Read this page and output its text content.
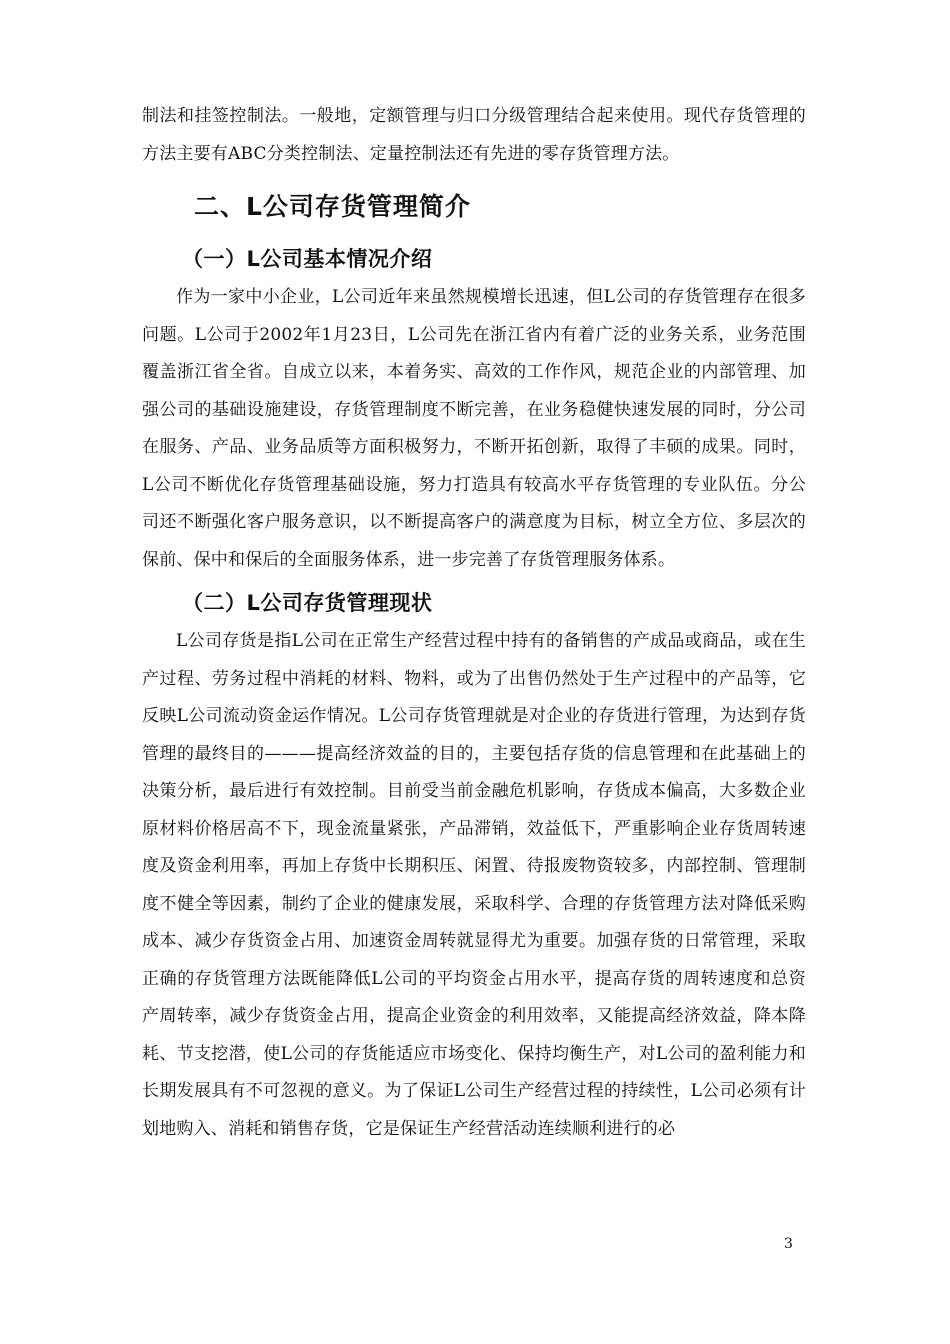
制法和挂签控制法。一般地，定额管理与归口分级管理结合起来使用。现代存货管理的方法主要有ABC分类控制法、定量控制法还有先进的零存货管理方法。

二、L公司存货管理简介
（一）L公司基本情况介绍

作为一家中小企业，L公司近年来虽然规模增长迅速，但L公司的存货管理存在很多问题。L公司于2002年1月23日，L公司先在浙江省内有着广泛的业务关系，业务范围覆盖浙江省全省。自成立以来，本着务实、高效的工作作风，规范企业的内部管理、加强公司的基础设施建设，存货管理制度不断完善，在业务稳健快速发展的同时，分公司在服务、产品、业务品质等方面积极努力，不断开拓创新，取得了丰硕的成果。同时，L公司不断优化存货管理基础设施，努力打造具有较高水平存货管理的专业队伍。分公司还不断强化客户服务意识，以不断提高客户的满意度为目标，树立全方位、多层次的保前、保中和保后的全面服务体系，进一步完善了存货管理服务体系。

（二）L公司存货管理现状

L公司存货是指L公司在正常生产经营过程中持有的备销售的产成品或商品，或在生产过程、劳务过程中消耗的材料、物料，或为了出售仍然处于生产过程中的产品等，它反映L公司流动资金运作情况。L公司存货管理就是对企业的存货进行管理，为达到存货管理的最终目的———提高经济效益的目的，主要包括存货的信息管理和在此基础上的决策分析，最后进行有效控制。目前受当前金融危机影响，存货成本偏高，大多数企业原材料价格居高不下，现金流量紧张，产品滞销，效益低下，严重影响企业存货周转速度及资金利用率，再加上存货中长期积压、闲置、待报废物资较多，内部控制、管理制度不健全等因素，制约了企业的健康发展，采取科学、合理的存货管理方法对降低采购成本、减少存货资金占用、加速资金周转就显得尤为重要。加强存货的日常管理，采取正确的存货管理方法既能降低L公司的平均资金占用水平，提高存货的周转速度和总资产周转率，减少存货资金占用，提高企业资金的利用效率，又能提高经济效益，降本降耗、节支挖潜，使L公司的存货能适应市场变化、保持均衡生产，对L公司的盈利能力和长期发展具有不可忽视的意义。为了保证L公司生产经营过程的持续性，L公司必须有计划地购入、消耗和销售存货，它是保证生产经营活动连续顺利进行的必

3
